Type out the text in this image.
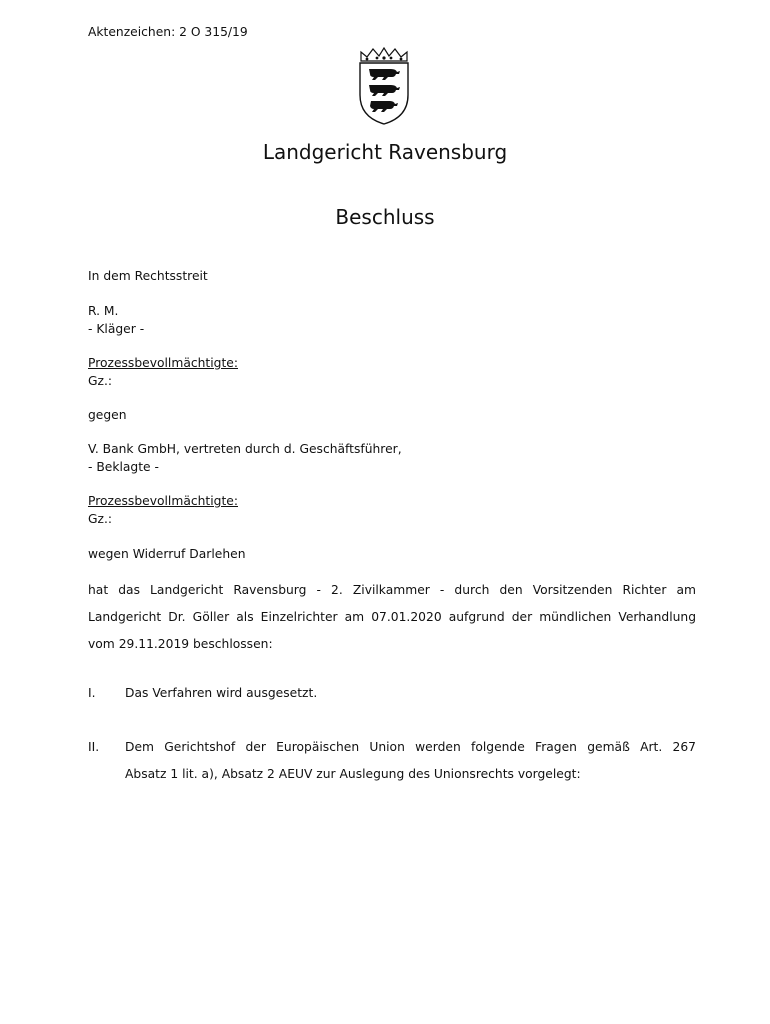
Aktenzeichen: 2 O 315/19
Landgericht Ravensburg
Beschluss
In dem Rechtsstreit
R. M.
- Kläger -
Prozessbevollmächtigte:
Gz.:
gegen
V. Bank GmbH, vertreten durch d. Geschäftsführer,
- Beklagte -
Prozessbevollmächtigte:
Gz.:
wegen Widerruf Darlehen
hat das Landgericht Ravensburg - 2. Zivilkammer - durch den Vorsitzenden Richter am
Landgericht Dr. Göller als Einzelrichter am 07.01.2020 aufgrund der mündlichen Verhandlung
vom 29.11.2019 beschlossen:
I. Das Verfahren wird ausgesetzt.
II. Dem Gerichtshof der Europäischen Union werden folgende Fragen gemäß Art. 267
Absatz 1 lit. a), Absatz 2 AEUV zur Auslegung des Unionsrechts vorgelegt:
